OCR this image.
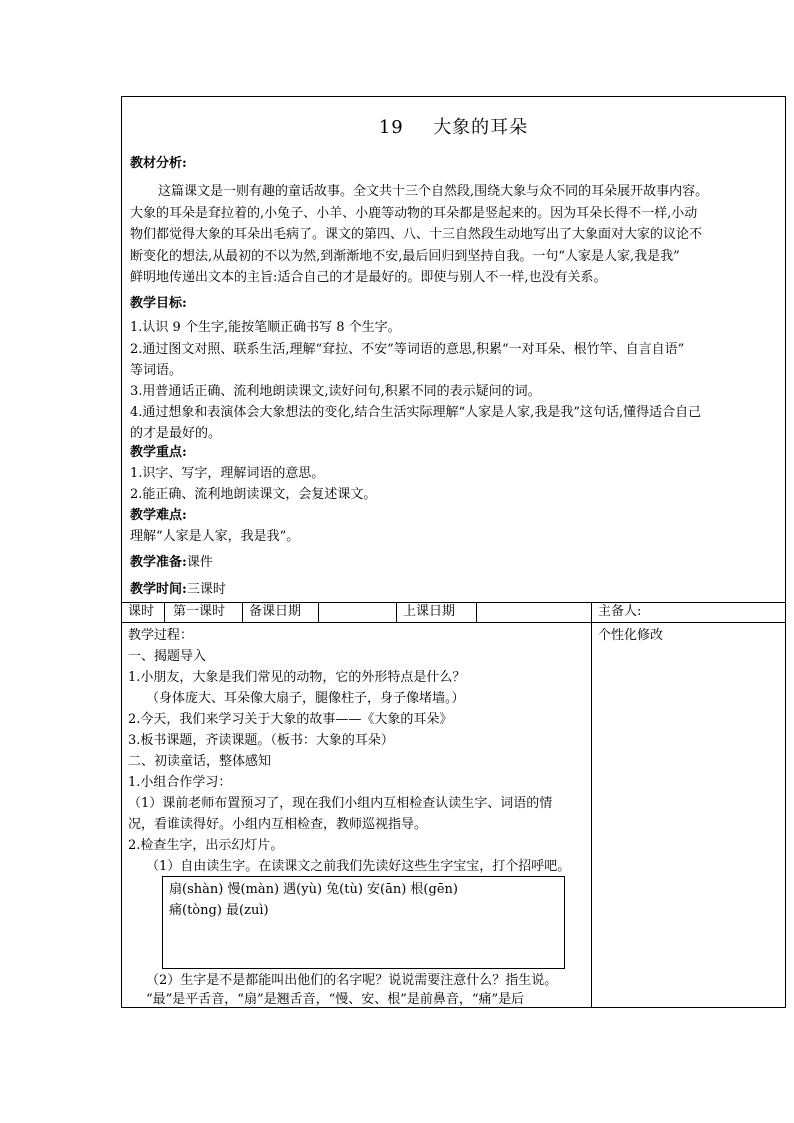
19 大象的耳朵
教材分析:
这篇课文是一则有趣的童话故事。全文共十三个自然段,围绕大象与众不同的耳朵展开故事内容。
大象的耳朵是耷拉着的,小兔子、小羊、小鹿等动物的耳朵都是竖起来的。因为耳朵长得不一样,小动
物们都觉得大象的耳朵出毛病了。课文的第四、八、十三自然段生动地写出了大象面对大家的议论不
断变化的想法,从最初的不以为然,到渐渐地不安,最后回归到坚持自我。一句“人家是人家,我是我”
鲜明地传递出文本的主旨:适合自己的才是最好的。即使与别人不一样,也没有关系。
教学目标:
1.认识 9 个生字,能按笔顺正确书写 8 个生字。
2.通过图文对照、联系生活,理解“耷拉、不安”等词语的意思,积累“一对耳朵、根竹竿、自言自语”
等词语。
3.用普通话正确、流利地朗读课文,读好问句,积累不同的表示疑问的词。
4.通过想象和表演体会大象想法的变化,结合生活实际理解“人家是人家,我是我”这句话,懂得适合自己
的才是最好的。
教学重点:
1.识字、写字，理解词语的意思。
2.能正确、流利地朗读课文，会复述课文。
教学难点:
理解“人家是人家，我是我”。
教学准备:课件
教学时间:三课时
课时 第一课时 备课日期	上课日期	主备人:
个性化修改
教学过程：
一、揭题导入
1.小朋友，大象是我们常见的动物，它的外形特点是什么？
（身体庞大、耳朵像大扇子，腿像柱子，身子像堵墙。）
2.今天，我们来学习关于大象的故事——《大象的耳朵》
3.板书课题，齐读课题。（板书：大象的耳朵）
二、初读童话，整体感知
1.小组合作学习：
（1）课前老师布置预习了，现在我们小组内互相检查认读生字、词语的情
况，看谁读得好。小组内互相检查，教师巡视指导。
2.检查生字，出示幻灯片。
（1）自由读生字。在读课文之前我们先读好这些生字宝宝，打个招呼吧。
扇(shàn) 慢(màn) 遇(yù) 兔(tù) 安(ān) 根(gēn)
痛(tòng) 最(zuì)
（2）生字是不是都能叫出他们的名字呢？说说需要注意什么？指生说。
“最”是平舌音，“扇”是翘舌音，“慢、安、根”是前鼻音，“痛”是后
